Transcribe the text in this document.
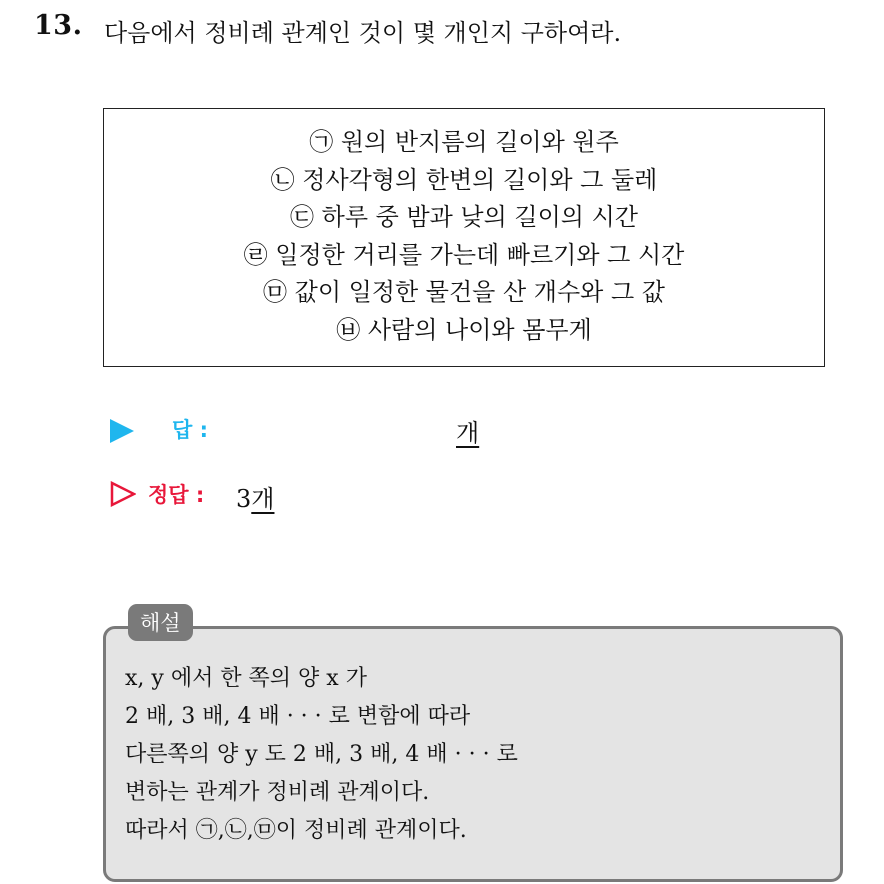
13. 다음에서 정비례 관계인 것이 몇 개인지 구하여라.
㉠ 원의 반지름의 길이와 원주
㉡ 정사각형의 한변의 길이와 그 둘레
㉢ 하루 중 밤과 낮의 길이의 시간
㉣ 일정한 거리를 가는데 빠르기와 그 시간
㉤ 값이 일정한 물건을 산 개수와 그 값
㉥ 사람의 나이와 몸무게
답 :	개
정답 : 3개
해설
x, y 에서 한 쪽의 양 x 가
2 배, 3 배, 4 배 · · · 로 변함에 따라
다른쪽의 양 y 도 2 배, 3 배, 4 배 · · · 로
변하는 관계가 정비례 관계이다.
따라서 ㉠,㉡,㉤이 정비례 관계이다.
